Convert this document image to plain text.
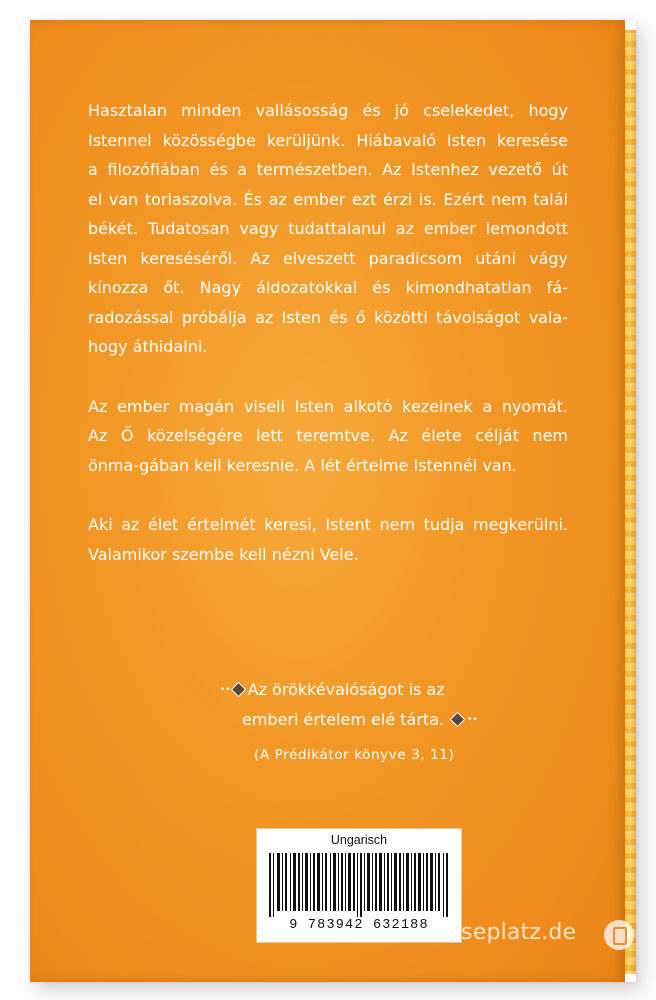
Hasztalan minden vallásosság és jó cselekedet, hogy
Istennel közösségbe kerüljünk. Hiábavaló Isten keresése
a filozófiában és a természetben. Az Istenhez vezető út
el van torlaszolva. És az ember ezt érzi is. Ezért nem talál
békét. Tudatosan vagy tudattalanul az ember lemondott
Isten kereséséről. Az elveszett paradicsom utáni vágy
kínozza őt. Nagy áldozatokkal és kimondhatatlan fá-
radozással próbálja az Isten és ő közötti távolságot vala-
hogy áthidalni.

Az ember magán viseli Isten alkotó kezeinek a nyomát.
Az Ő közelségére lett teremtve. Az élete célját nem
önma-gában kell keresnie. A lét értelme Istennél van.

Aki az élet értelmét keresi, Istent nem tudja megkerülni.
Valamikor szembe kell nézni Vele.

•• Az örökkévalóságot is az
emberi értelem elé tárta.	••
(A Prédikátor könyve 3, 11)
Ungarisch
9 783942 632188 leseplatz.de
